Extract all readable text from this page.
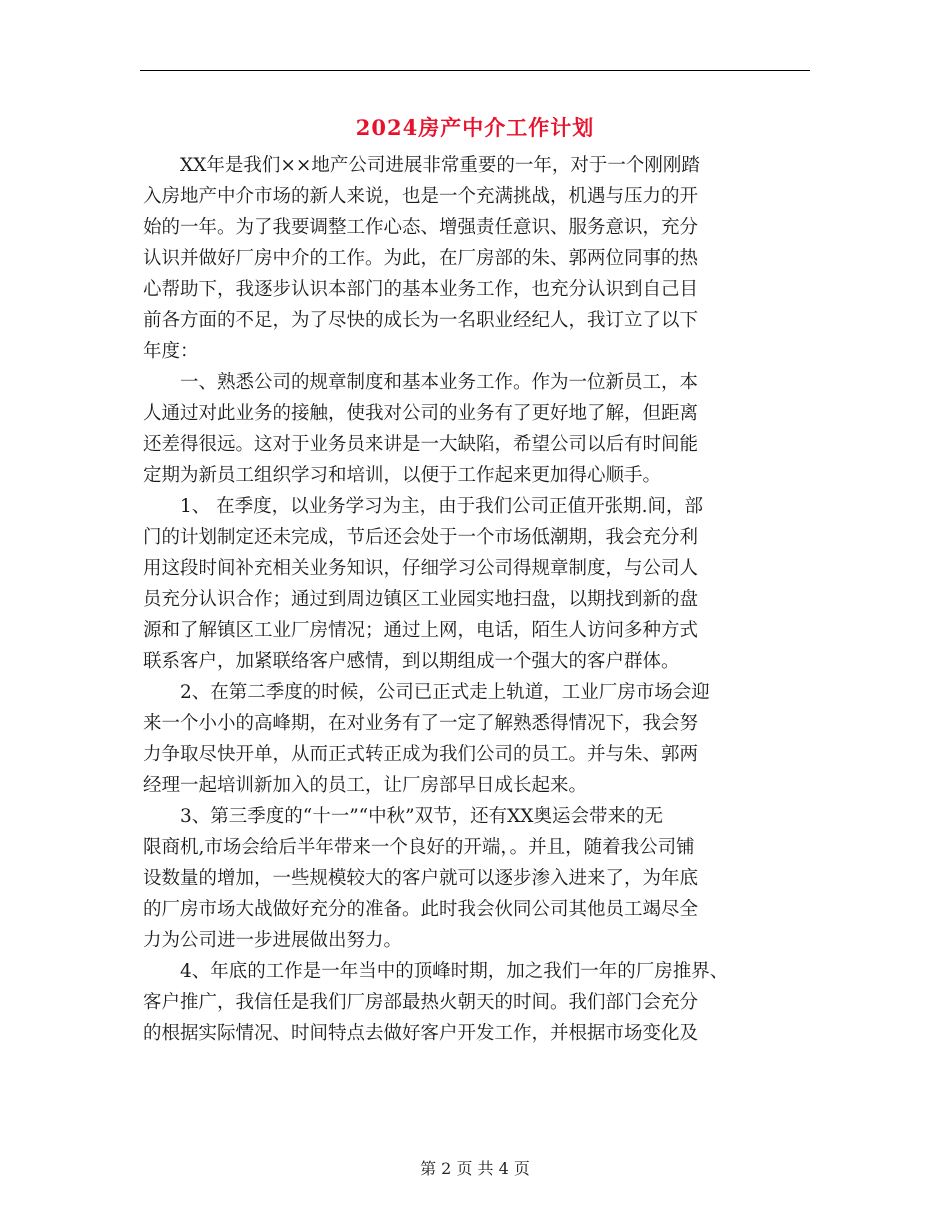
2024房产中介工作计划
XX年是我们××地产公司进展非常重要的一年，对于一个刚刚踏
入房地产中介市场的新人来说，也是一个充满挑战，机遇与压力的开
始的一年。为了我要调整工作心态、增强责任意识、服务意识，充分
认识并做好厂房中介的工作。为此，在厂房部的朱、郭两位同事的热
心帮助下，我逐步认识本部门的基本业务工作，也充分认识到自己目
前各方面的不足，为了尽快的成长为一名职业经纪人，我订立了以下
年度：
一、熟悉公司的规章制度和基本业务工作。作为一位新员工，本
人通过对此业务的接触，使我对公司的业务有了更好地了解，但距离
还差得很远。这对于业务员来讲是一大缺陷，希望公司以后有时间能
定期为新员工组织学习和培训，以便于工作起来更加得心顺手。
1、 在季度，以业务学习为主，由于我们公司正值开张期.间，部
门的计划制定还未完成，节后还会处于一个市场低潮期，我会充分利
用这段时间补充相关业务知识，仔细学习公司得规章制度，与公司人
员充分认识合作；通过到周边镇区工业园实地扫盘，以期找到新的盘
源和了解镇区工业厂房情况；通过上网，电话，陌生人访问多种方式
联系客户，加紧联络客户感情，到以期组成一个强大的客户群体。
2、在第二季度的时候，公司已正式走上轨道，工业厂房市场会迎
来一个小小的高峰期，在对业务有了一定了解熟悉得情况下，我会努
力争取尽快开单，从而正式转正成为我们公司的员工。并与朱、郭两
经理一起培训新加入的员工，让厂房部早日成长起来。
3、第三季度的“十一”“中秋”双节，还有XX奥运会带来的无
限商机,市场会给后半年带来一个良好的开端，。并且，随着我公司铺
设数量的增加，一些规模较大的客户就可以逐步渗入进来了，为年底
的厂房市场大战做好充分的准备。此时我会伙同公司其他员工竭尽全
力为公司进一步进展做出努力。
4、年底的工作是一年当中的顶峰时期，加之我们一年的厂房推界、
客户推广，我信任是我们厂房部最热火朝天的时间。我们部门会充分
的根据实际情况、时间特点去做好客户开发工作，并根据市场变化及
第 2 页 共 4 页
